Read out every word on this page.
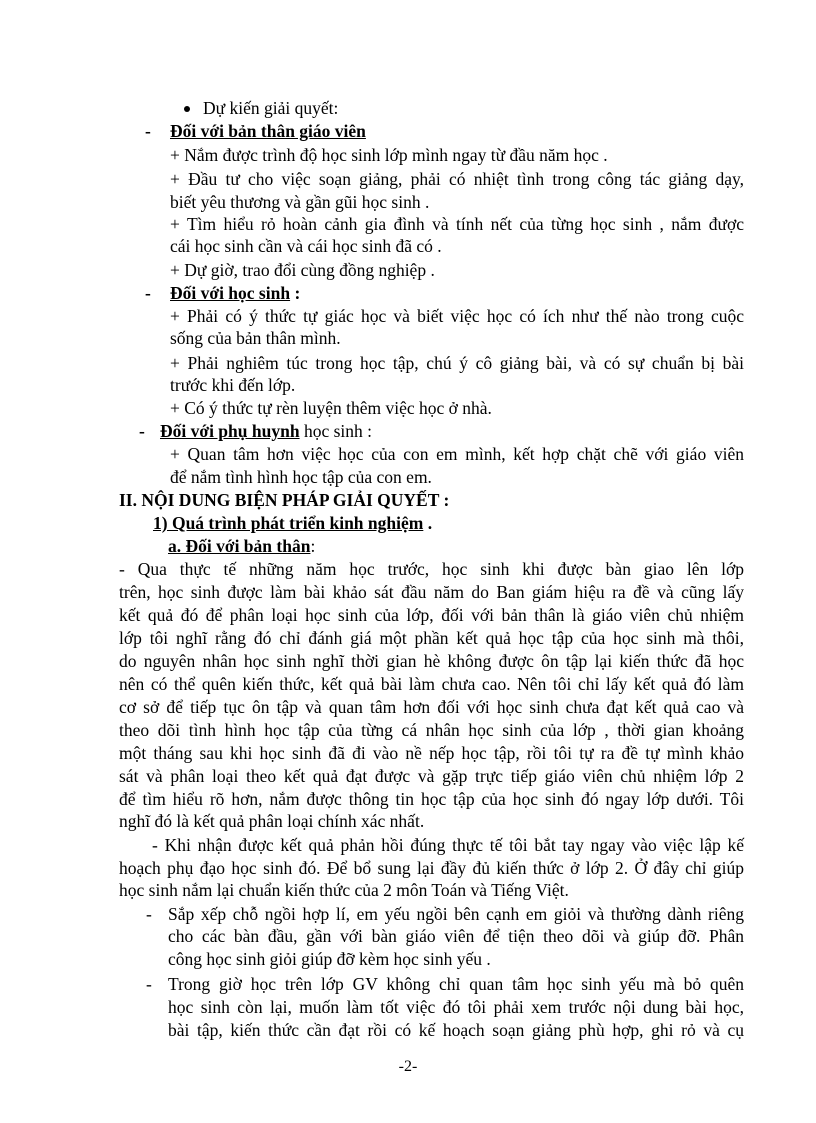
Dự kiến giải quyết:
- Đối với bản thân giáo viên
+ Nắm được trình độ học sinh lớp mình ngay từ đầu năm học .
+ Đầu tư cho việc soạn giảng, phải có nhiệt tình trong công tác giảng dạy,
biết yêu thương và gần gũi học sinh .
+ Tìm hiểu rỏ hoàn cảnh gia đình và tính nết của từng học sinh , nắm được
cái học sinh cần và cái học sinh đã có .
+ Dự giờ, trao đổi cùng đồng nghiệp .
- Đối với học sinh :
+ Phải có ý thức tự giác học và biết việc học có ích như thế nào trong cuộc
sống của bản thân mình.
+ Phải nghiêm túc trong học tập, chú ý cô giảng bài, và có sự chuẩn bị bài
trước khi đến lớp.
+ Có ý thức tự rèn luyện thêm việc học ở nhà.
- Đối với phụ huynh học sinh :
+ Quan tâm hơn việc học của con em mình, kết hợp chặt chẽ với giáo viên
để nắm tình hình học tập của con em.
II. NỘI DUNG BIỆN PHÁP GIẢI QUYẾT :
1) Quá trình phát triển kinh nghiệm .
a. Đối với bản thân:
- Qua thực tế những năm học trước, học sinh khi được bàn giao lên lớp
trên, học sinh được làm bài khảo sát đầu năm do Ban giám hiệu ra đề và cũng lấy
kết quả đó để phân loại học sinh của lớp, đối với bản thân là giáo viên chủ nhiệm
lớp tôi nghĩ rằng đó chỉ đánh giá một phần kết quả học tập của học sinh mà thôi,
do nguyên nhân học sinh nghĩ thời gian hè không được ôn tập lại kiến thức đã học
nên có thể quên kiến thức, kết quả bài làm chưa cao. Nên tôi chỉ lấy kết quả đó làm
cơ sở để tiếp tục ôn tập và quan tâm hơn đối với học sinh chưa đạt kết quả cao và
theo dõi tình hình học tập của từng cá nhân học sinh của lớp , thời gian khoảng
một tháng sau khi học sinh đã đi vào nề nếp học tập, rồi tôi tự ra đề tự mình khảo
sát và phân loại theo kết quả đạt được và gặp trực tiếp giáo viên chủ nhiệm lớp 2
để tìm hiểu rõ hơn, nắm được thông tin học tập của học sinh đó ngay lớp dưới. Tôi
nghĩ đó là kết quả phân loại chính xác nhất.
- Khi nhận được kết quả phản hồi đúng thực tế tôi bắt tay ngay vào việc lập kế
hoạch phụ đạo học sinh đó. Để bổ sung lại đầy đủ kiến thức ở lớp 2. Ở đây chỉ giúp
học sinh nắm lại chuẩn kiến thức của 2 môn Toán và Tiếng Việt.
- Sắp xếp chỗ ngồi hợp lí, em yếu ngồi bên cạnh em giỏi và thường dành riêng
cho các bàn đầu, gần với bàn giáo viên để tiện theo dõi và giúp đỡ. Phân
công học sinh giỏi giúp đỡ kèm học sinh yếu .
- Trong giờ học trên lớp GV không chỉ quan tâm học sinh yếu mà bỏ quên
học sinh còn lại, muốn làm tốt việc đó tôi phải xem trước nội dung bài học,
bài tập, kiến thức cần đạt rồi có kế hoạch soạn giảng phù hợp, ghi rỏ và cụ
-2-
